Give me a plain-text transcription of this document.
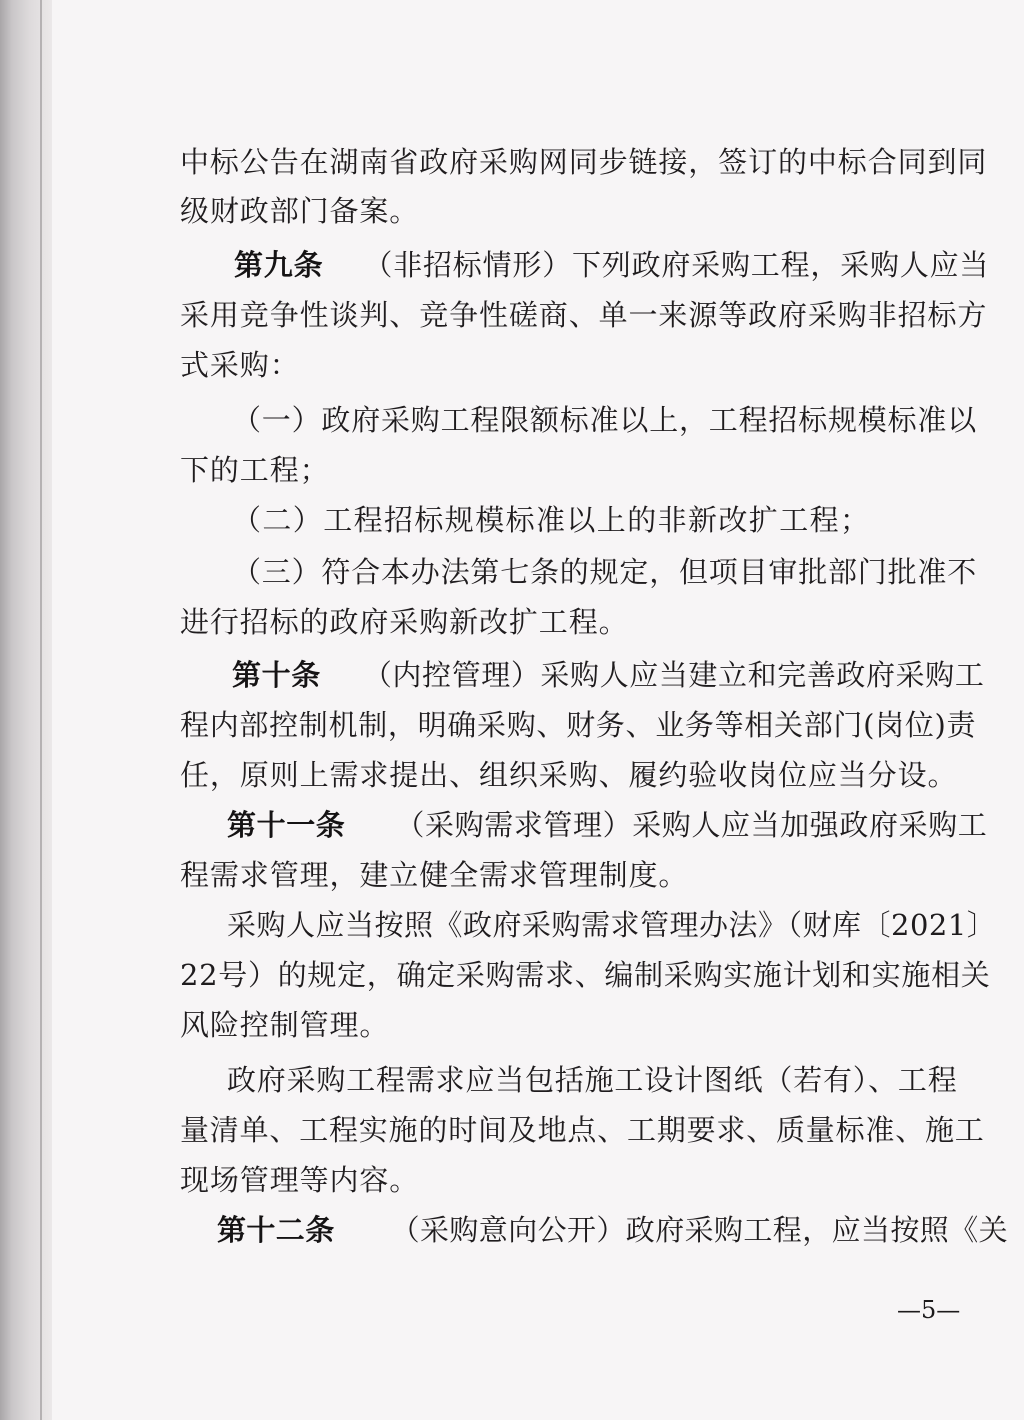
中标公告在湖南省政府采购网同步链接，签订的中标合同到同

级财政部门备案。

第九条 （非招标情形）下列政府采购工程，采购人应当

采用竞争性谈判、竞争性磋商、单一来源等政府采购非招标方

式采购：

（一）政府采购工程限额标准以上，工程招标规模标准以

下的工程；

（二）工程招标规模标准以上的非新改扩工程；

（三）符合本办法第七条的规定，但项目审批部门批准不

进行招标的政府采购新改扩工程。

第十条 （内控管理）采购人应当建立和完善政府采购工

程内部控制机制，明确采购、财务、业务等相关部门(岗位)责

任，原则上需求提出、组织采购、履约验收岗位应当分设。

第十一条 （采购需求管理）采购人应当加强政府采购工

程需求管理，建立健全需求管理制度。

采购人应当按照《政府采购需求管理办法》（财库〔2021〕

22号）的规定，确定采购需求、编制采购实施计划和实施相关

风险控制管理。

政府采购工程需求应当包括施工设计图纸（若有）、工程

量清单、工程实施的时间及地点、工期要求、质量标准、施工

现场管理等内容。

第十二条 （采购意向公开）政府采购工程，应当按照《关

—5—
